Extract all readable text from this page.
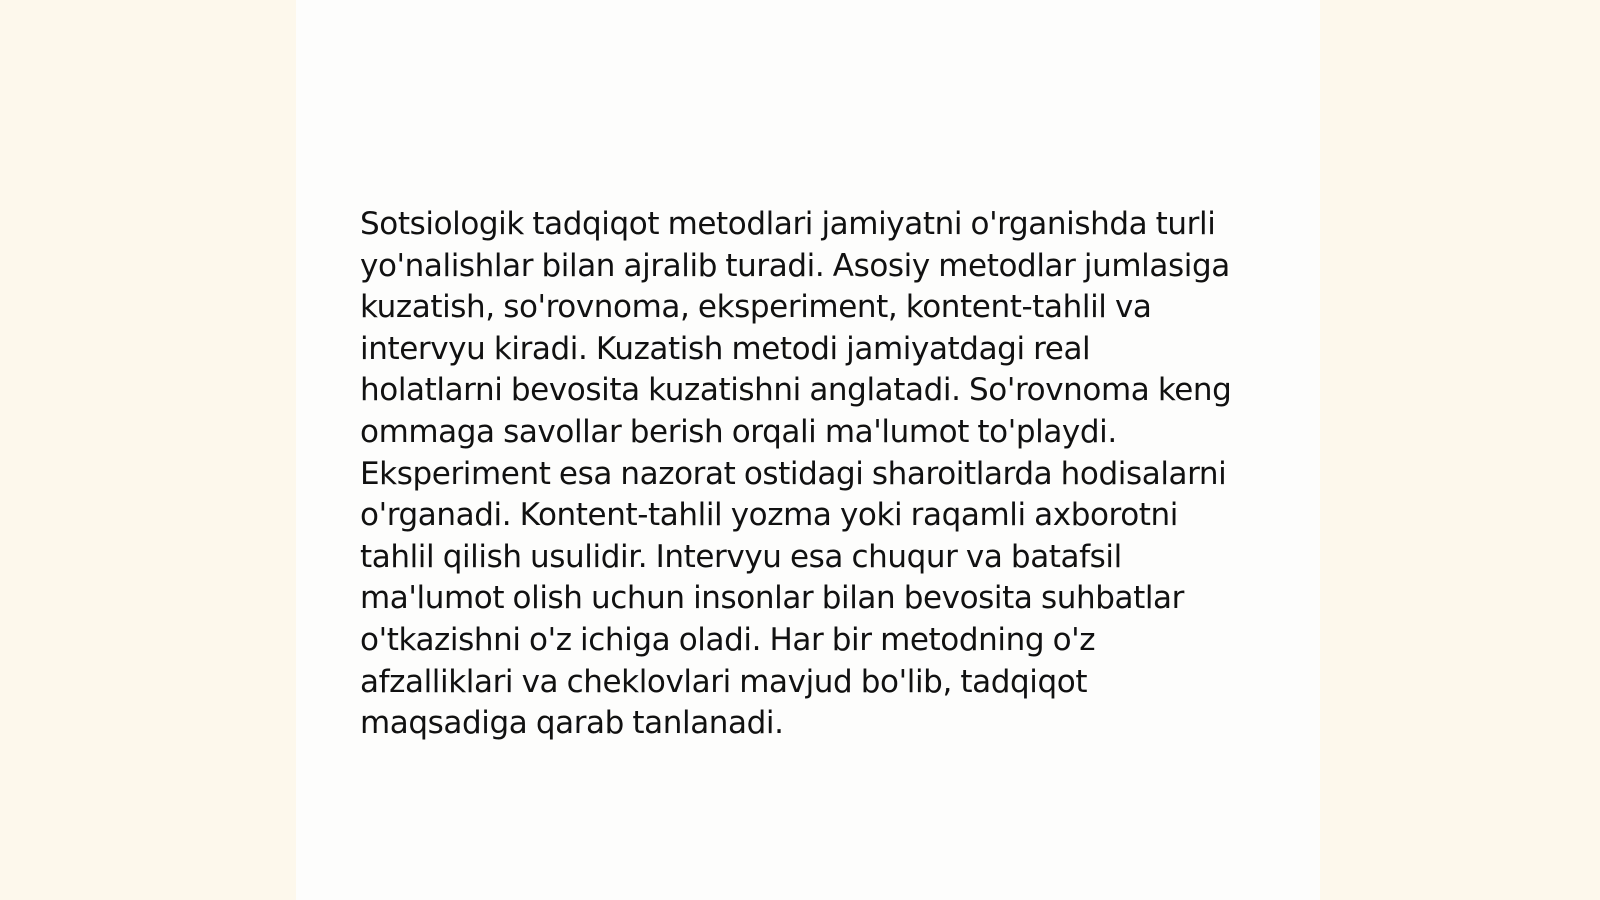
Sotsiologik tadqiqot metodlari jamiyatni o'rganishda turli yo'nalishlar bilan ajralib turadi. Asosiy metodlar jumlasiga kuzatish, so'rovnoma, eksperiment, kontent-tahlil va intervyu kiradi. Kuzatish metodi jamiyatdagi real holatlarni bevosita kuzatishni anglatadi. So'rovnoma keng ommaga savollar berish orqali ma'lumot to'playdi. Eksperiment esa nazorat ostidagi sharoitlarda hodisalarni o'rganadi. Kontent-tahlil yozma yoki raqamli axborotni tahlil qilish usulidir. Intervyu esa chuqur va batafsil ma'lumot olish uchun insonlar bilan bevosita suhbatlar o'tkazishni o'z ichiga oladi. Har bir metodning o'z afzalliklari va cheklovlari mavjud bo'lib, tadqiqot maqsadiga qarab tanlanadi.
